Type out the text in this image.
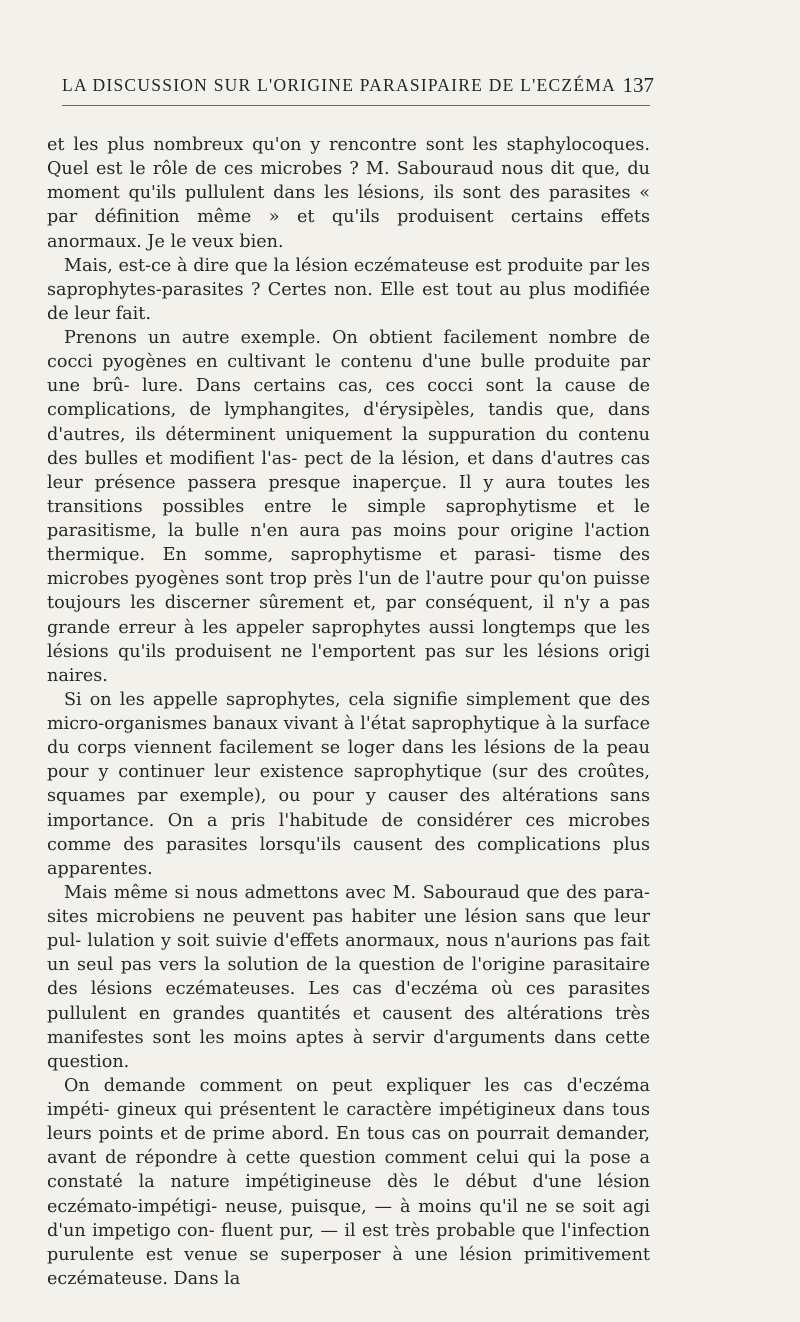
LA DISCUSSION SUR L'ORIGINE PARASIPAIRE DE L'ECZÉMA 137

et les plus nombreux qu'on y rencontre sont les staphylocoques. Quel est le rôle de ces microbes ? M. Sabouraud nous dit que, du moment qu'ils pullulent dans les lésions, ils sont des parasites « par définition même » et qu'ils produisent certains effets anormaux. Je le veux bien.

Mais, est-ce à dire que la lésion eczémateuse est produite par les saprophytes-parasites ? Certes non. Elle est tout au plus modifiée de leur fait.

Prenons un autre exemple. On obtient facilement nombre de cocci pyogènes en cultivant le contenu d'une bulle produite par une brû- lure. Dans certains cas, ces cocci sont la cause de complications, de lymphangites, d'érysipèles, tandis que, dans d'autres, ils déterminent uniquement la suppuration du contenu des bulles et modifient l'as- pect de la lésion, et dans d'autres cas leur présence passera presque inaperçue. Il y aura toutes les transitions possibles entre le simple saprophytisme et le parasitisme, la bulle n'en aura pas moins pour origine l'action thermique. En somme, saprophytisme et parasi- tisme des microbes pyogènes sont trop près l'un de l'autre pour qu'on puisse toujours les discerner sûrement et, par conséquent, il n'y a pas grande erreur à les appeler saprophytes aussi longtemps que les lésions qu'ils produisent ne l'emportent pas sur les lésions origi naires.

Si on les appelle saprophytes, cela signifie simplement que des micro-organismes banaux vivant à l'état saprophytique à la surface du corps viennent facilement se loger dans les lésions de la peau pour y continuer leur existence saprophytique (sur des croûtes, squames par exemple), ou pour y causer des altérations sans importance. On a pris l'habitude de considérer ces microbes comme des parasites lorsqu'ils causent des complications plus apparentes.

Mais même si nous admettons avec M. Sabouraud que des para- sites microbiens ne peuvent pas habiter une lésion sans que leur pul- lulation y soit suivie d'effets anormaux, nous n'aurions pas fait un seul pas vers la solution de la question de l'origine parasitaire des lésions eczémateuses. Les cas d'eczéma où ces parasites pullulent en grandes quantités et causent des altérations très manifestes sont les moins aptes à servir d'arguments dans cette question.

On demande comment on peut expliquer les cas d'eczéma impéti- gineux qui présentent le caractère impétigineux dans tous leurs points et de prime abord. En tous cas on pourrait demander, avant de répondre à cette question comment celui qui la pose a constaté la nature impétigineuse dès le début d'une lésion eczémato-impétigi- neuse, puisque, — à moins qu'il ne se soit agi d'un impetigo con- fluent pur, — il est très probable que l'infection purulente est venue se superposer à une lésion primitivement eczémateuse. Dans la
